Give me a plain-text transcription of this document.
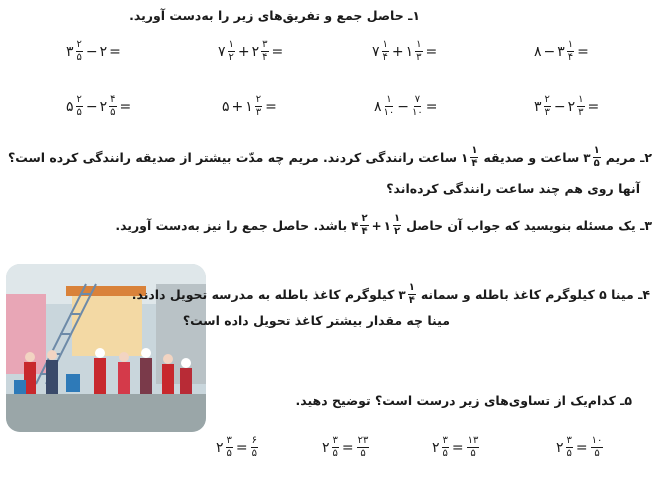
۱ـ حاصل جمع و تفریق‌های زیر را به‌دست آورید.
۳ $\frac{۲}{۵}$ − ۲ =	۷ $\frac{۱}{۲}$ + ۲ $\frac{۳}{۴}$ =	۷ $\frac{۱}{۴}$ + ۱ $\frac{۱}{۳}$ =	۸ − ۳ $\frac{۱}{۴}$ =
۵ $\frac{۲}{۵}$ − ۲ $\frac{۴}{۵}$ =	۵ + ۱ $\frac{۲}{۳}$ =	۸ $\frac{۱}{۱۰} - \frac{۷}{۱۰}$ =	۳ $\frac{۲}{۳}$ − ۲ $\frac{۱}{۳}$ =
۲ـ مریم
۳ $\frac{۱}{۵}$
ساعت و صدیقه
۱ $\frac{۱}{۴}$
ساعت رانندگی کردند. مریم چه مدّت بیشتر از صدیقه رانندگی کرده است؟
آنها روی هم چند ساعت رانندگی کرده‌اند؟
۳ـ یک مسئله بنویسید که جواب آن حاصل
۴ $\frac{۲}{۴}$ + ۱ $\frac{۱}{۲}$
باشد. حاصل جمع را نیز به‌دست آورید.
۴ـ مینا ۵ کیلوگرم کاغذ باطله و سمانه
۳ $\frac{۱}{۴}$
کیلوگرم کاغذ باطله به مدرسه تحویل دادند.
مینا چه مقدار بیشتر کاغذ تحویل داده است؟
۵ـ کدام‌یک از تساوی‌های زیر درست است؟ توضیح دهید.
۲ $\frac{۳}{۵} = \frac{۶}{۵}$	۲ $\frac{۳}{۵} = \frac{۲۳}{۵}$	۲ $\frac{۳}{۵} = \frac{۱۳}{۵}$	۲ $\frac{۳}{۵} = \frac{۱۰}{۵}$
